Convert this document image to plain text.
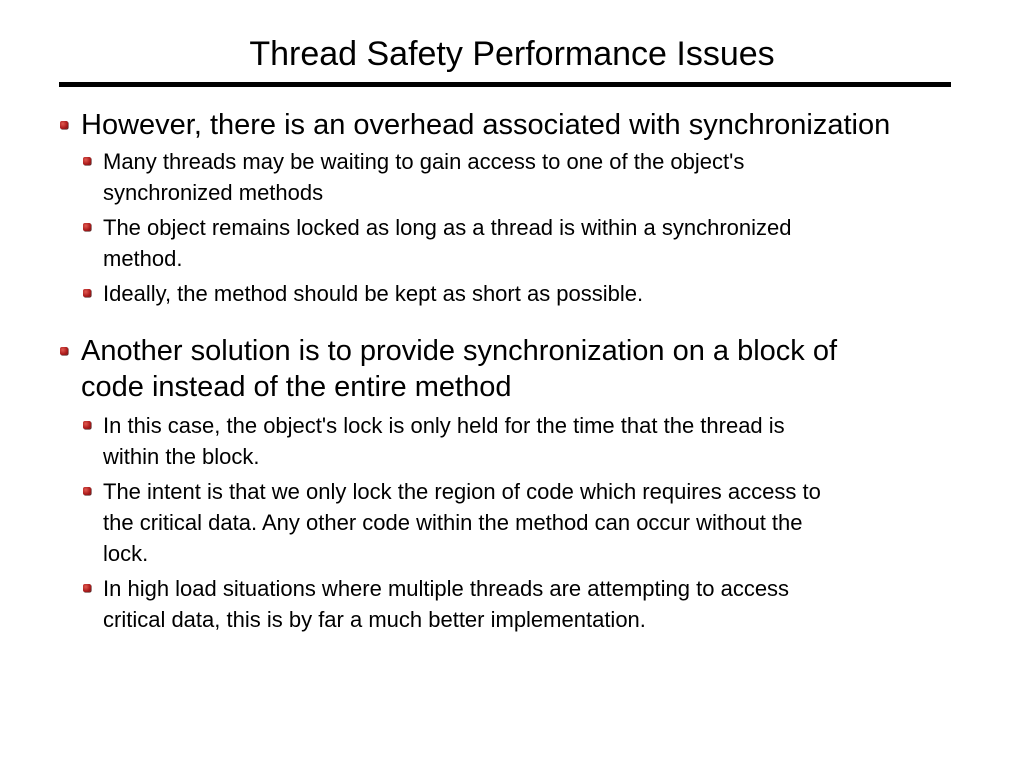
Thread Safety Performance Issues
However, there is an overhead associated with synchronization
Many threads may be waiting to gain access to one of the object's
synchronized methods
The object remains locked as long as a thread is within a synchronized
method.
Ideally, the method should be kept as short as possible.
Another solution is to provide synchronization on a block of
code instead of the entire method
In this case, the object's lock is only held for the time that the thread is
within the block.
The intent is that we only lock the region of code which requires access to
the critical data. Any other code within the method can occur without the
lock.
In high load situations where multiple threads are attempting to access
critical data, this is by far a much better implementation.
